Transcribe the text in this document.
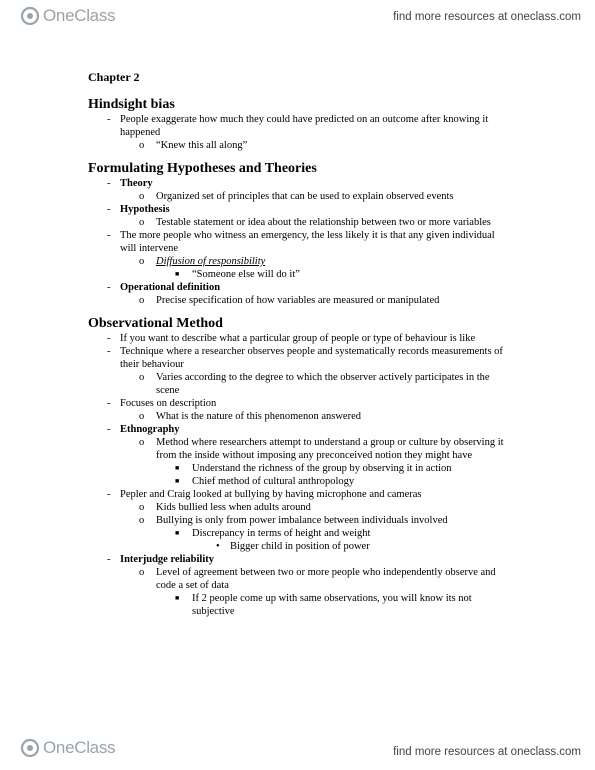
OneClass	find more resources at oneclass.com
Chapter 2
Hindsight bias
- People exaggerate how much they could have predicted on an outcome after knowing it happened
o “Knew this all along”
Formulating Hypotheses and Theories
- Theory
o Organized set of principles that can be used to explain observed events
- Hypothesis
o Testable statement or idea about the relationship between two or more variables
- The more people who witness an emergency, the less likely it is that any given individual will intervene
o Diffusion of responsibility
■ “Someone else will do it”
- Operational definition
o Precise specification of how variables are measured or manipulated
Observational Method
- If you want to describe what a particular group of people or type of behaviour is like
- Technique where a researcher observes people and systematically records measurements of their behaviour
o Varies according to the degree to which the observer actively participates in the scene
- Focuses on description
o What is the nature of this phenomenon answered
- Ethnography
o Method where researchers attempt to understand a group or culture by observing it from the inside without imposing any preconceived notion they might have
■ Understand the richness of the group by observing it in action
■ Chief method of cultural anthropology
- Pepler and Craig looked at bullying by having microphone and cameras
o Kids bullied less when adults around
o Bullying is only from power imbalance between individuals involved
■ Discrepancy in terms of height and weight
• Bigger child in position of power
- Interjudge reliability
o Level of agreement between two or more people who independently observe and code a set of data
■ If 2 people come up with same observations, you will know its not subjective
OneClass	find more resources at oneclass.com
